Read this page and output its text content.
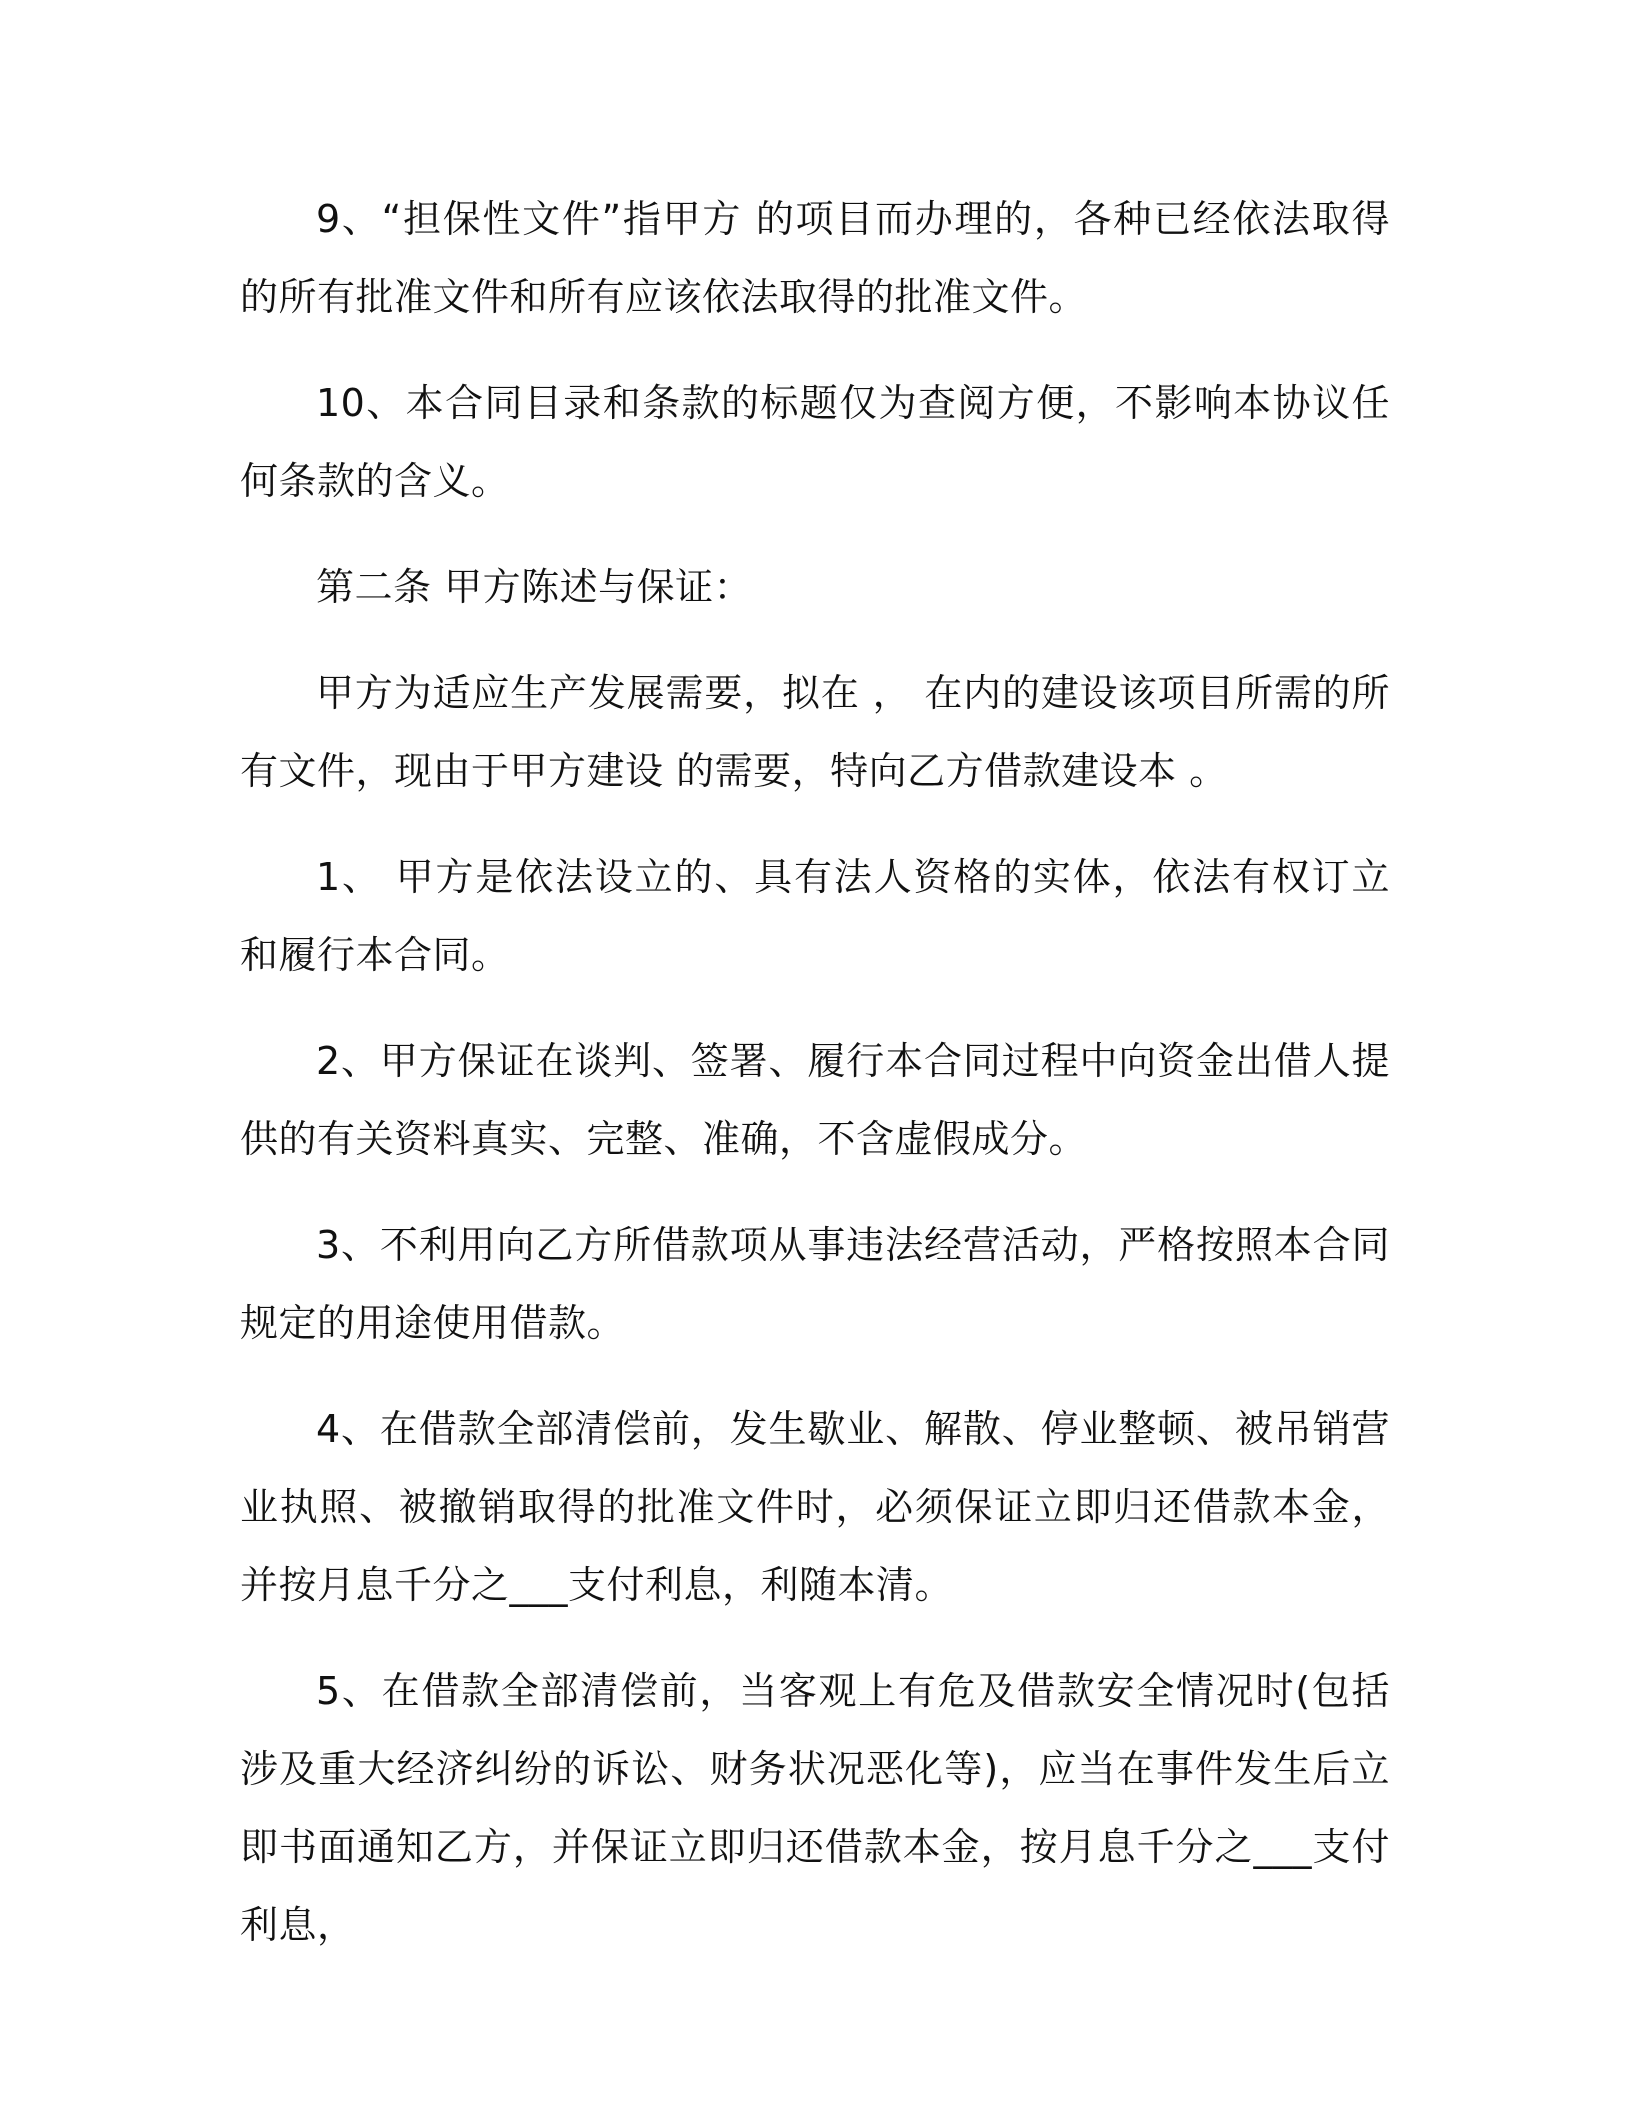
9、“担保性文件”指甲方 的项目而办理的，各种已经依法取得的所有批准文件和所有应该依法取得的批准文件。

10、本合同目录和条款的标题仅为查阅方便，不影响本协议任何条款的含义。

第二条 甲方陈述与保证：

甲方为适应生产发展需要，拟在 ， 在内的建设该项目所需的所有文件，现由于甲方建设 的需要，特向乙方借款建设本 。

1、 甲方是依法设立的、具有法人资格的实体，依法有权订立和履行本合同。

2、甲方保证在谈判、签署、履行本合同过程中向资金出借人提供的有关资料真实、完整、准确，不含虚假成分。

3、不利用向乙方所借款项从事违法经营活动，严格按照本合同规定的用途使用借款。

4、在借款全部清偿前，发生歇业、解散、停业整顿、被吊销营业执照、被撤销取得的批准文件时，必须保证立即归还借款本金，并按月息千分之___支付利息，利随本清。

5、在借款全部清偿前，当客观上有危及借款安全情况时(包括涉及重大经济纠纷的诉讼、财务状况恶化等)，应当在事件发生后立即书面通知乙方，并保证立即归还借款本金，按月息千分之___支付利息，
